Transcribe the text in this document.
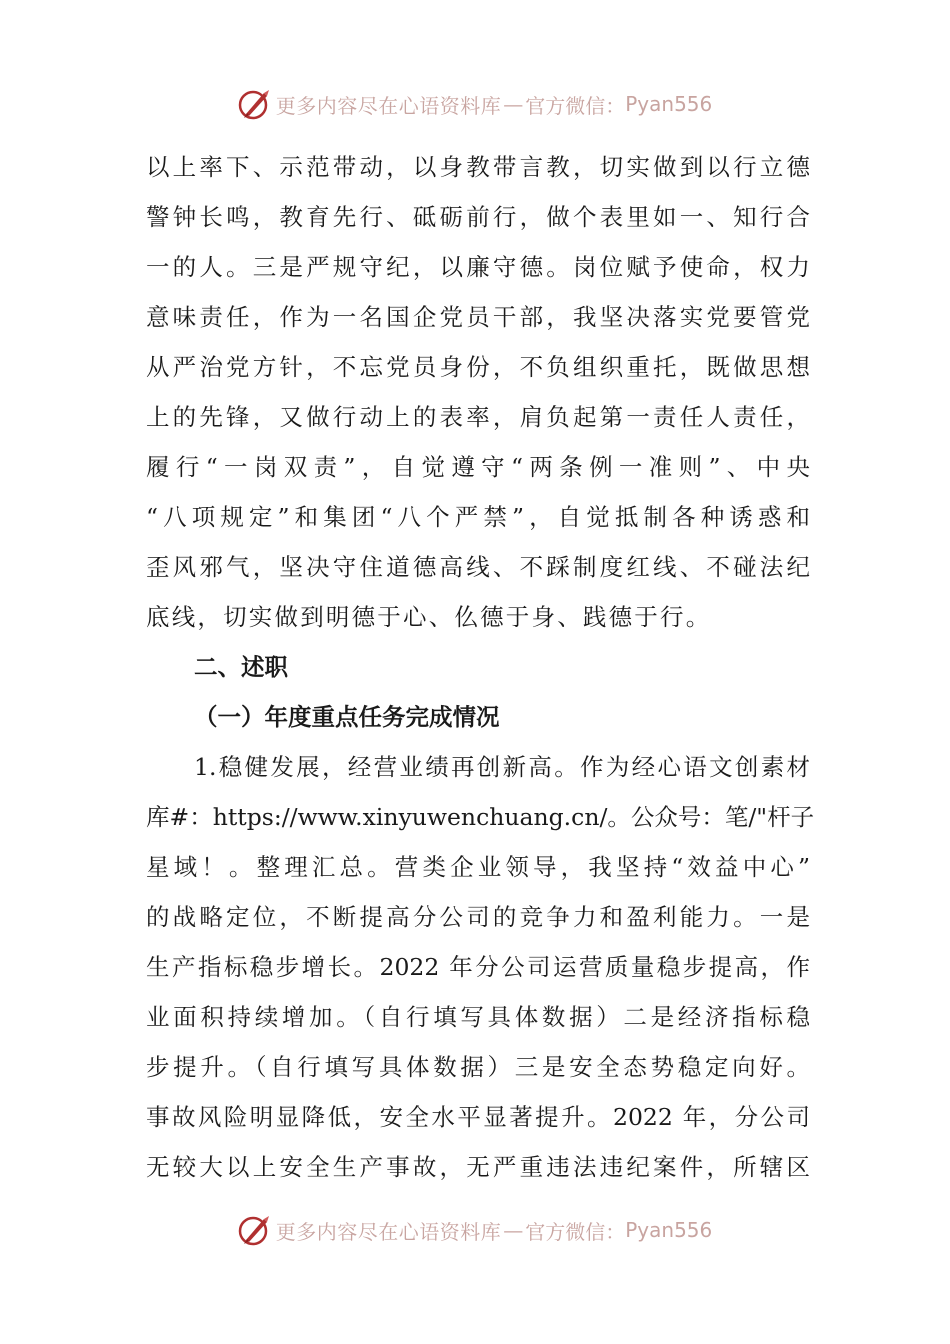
更多内容尽在心语资料库 — 官方微信： Pyan556
以上率下、示范带动，以身教带言教，切实做到以行立德
警钟长鸣，教育先行、砥砺前行，做个表里如一、知行合
一的人。三是严规守纪，以廉守德。岗位赋予使命，权力
意味责任，作为一名国企党员干部，我坚决落实党要管党
从严治党方针，不忘党员身份，不负组织重托，既做思想
上的先锋，又做行动上的表率，肩负起第一责任人责任，
履行“一岗双责”，自觉遵守“两条例一准则”、中央
“八项规定”和集团“八个严禁”，自觉抵制各种诱惑和
歪风邪气，坚决守住道德高线、不踩制度红线、不碰法纪
底线，切实做到明德于心、仫德于身、践德于行。
二、述职
（一）年度重点任务完成情况
1.稳健发展，经营业绩再创新高。作为经心语文创素材
库#：https://www.xinyuwenchuang.cn/。公众号：笔/"杆子
星域！。整理汇总。营类企业领导，我坚持“效益中心”
的战略定位，不断提高分公司的竞争力和盈利能力。一是
生产指标稳步增长。2022 年分公司运营质量稳步提高，作
业面积持续增加。（自行填写具体数据）二是经济指标稳
步提升。（自行填写具体数据）三是安全态势稳定向好。
事故风险明显降低，安全水平显著提升。2022 年，分公司
无较大以上安全生产事故，无严重违法违纪案件，所辖区
更多内容尽在心语资料库 — 官方微信： Pyan556
